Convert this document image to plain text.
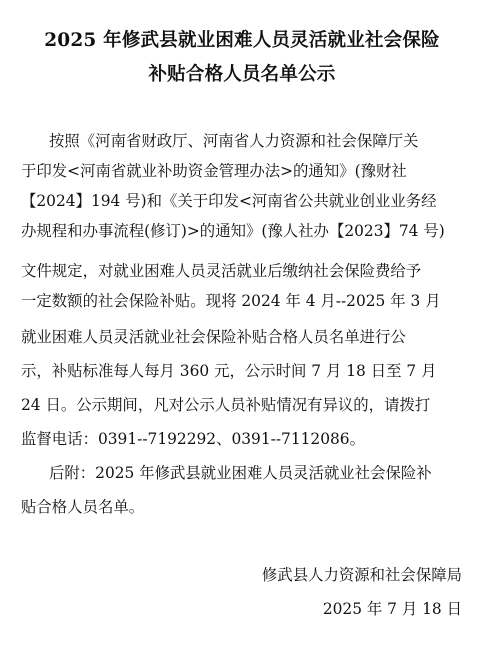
2025 年修武县就业困难人员灵活就业社会保险
补贴合格人员名单公示
按照《河南省财政厅、河南省人力资源和社会保障厅关
于印发<河南省就业补助资金管理办法>的通知》(豫财社
【2024】194 号)和《关于印发<河南省公共就业创业业务经
办规程和办事流程(修订)>的通知》(豫人社办【2023】74 号)
文件规定，对就业困难人员灵活就业后缴纳社会保险费给予
一定数额的社会保险补贴。现将 2024 年 4 月--2025 年 3 月
就业困难人员灵活就业社会保险补贴合格人员名单进行公
示，补贴标准每人每月 360 元，公示时间 7 月 18 日至 7 月
24 日。公示期间，凡对公示人员补贴情况有异议的，请拨打
监督电话：0391--7192292、0391--7112086。
后附：2025 年修武县就业困难人员灵活就业社会保险补
贴合格人员名单。
修武县人力资源和社会保障局
2025 年 7 月 18 日
